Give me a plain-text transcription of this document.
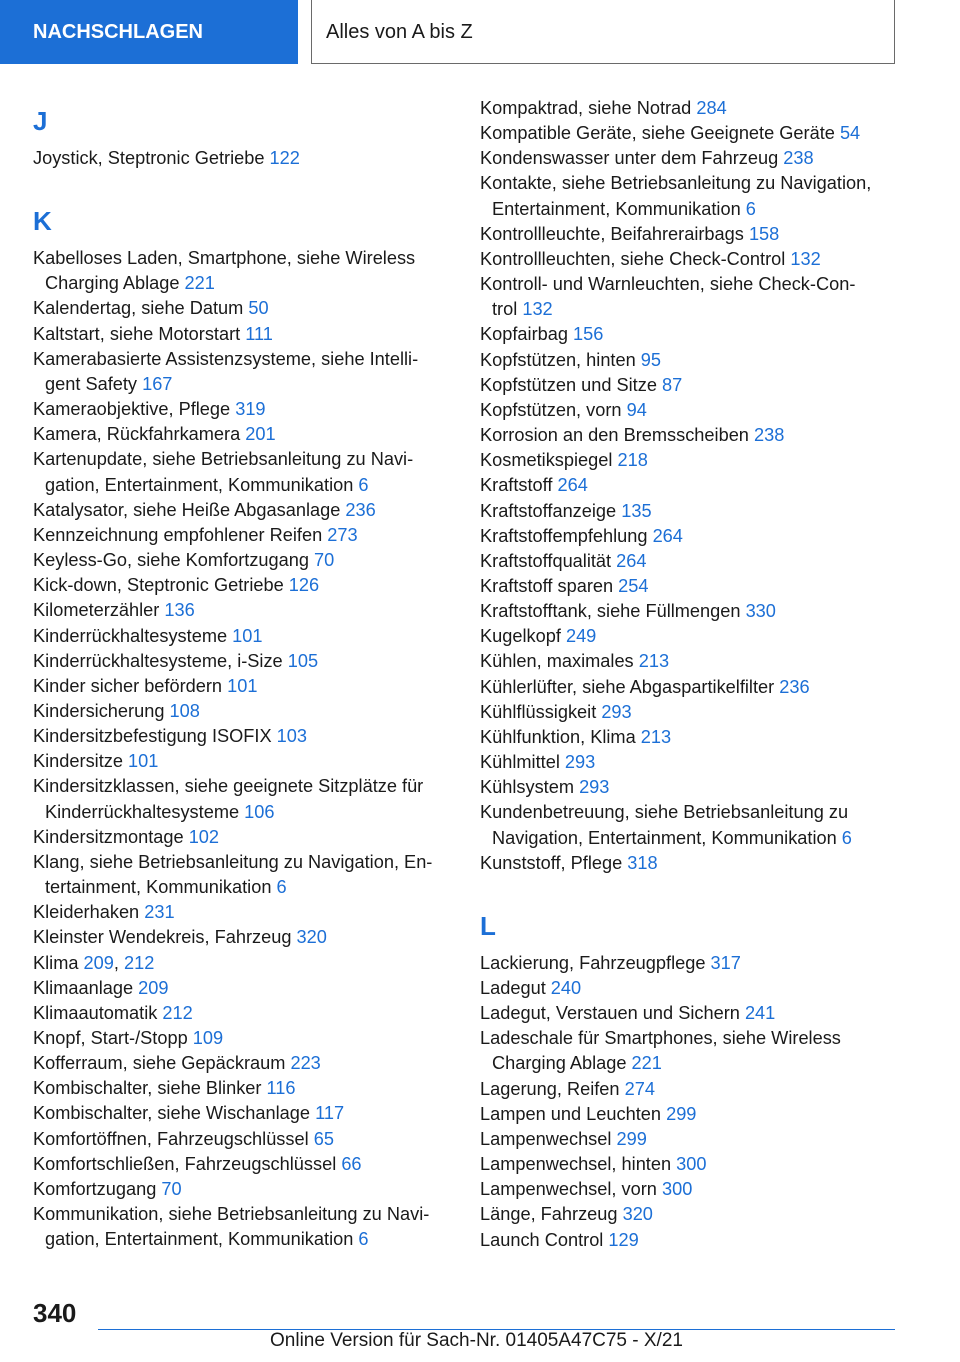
NACHSCHLAGEN	Alles von A bis Z
J
Joystick, Steptronic Getriebe 122
K
Kabelloses Laden, Smartphone, siehe Wireless
Charging Ablage 221
Kalendertag, siehe Datum 50
Kaltstart, siehe Motorstart 111
Kamerabasierte Assistenzsysteme, siehe Intelli-
gent Safety 167
Kameraobjektive, Pflege 319
Kamera, Rückfahrkamera 201
Kartenupdate, siehe Betriebsanleitung zu Navi-
gation, Entertainment, Kommunikation 6
Katalysator, siehe Heiße Abgasanlage 236
Kennzeichnung empfohlener Reifen 273
Keyless-Go, siehe Komfortzugang 70
Kick-down, Steptronic Getriebe 126
Kilometerzähler 136
Kinderrückhaltesysteme 101
Kinderrückhaltesysteme, i-Size 105
Kinder sicher befördern 101
Kindersicherung 108
Kindersitzbefestigung ISOFIX 103
Kindersitze 101
Kindersitzklassen, siehe geeignete Sitzplätze für
Kinderrückhaltesysteme 106
Kindersitzmontage 102
Klang, siehe Betriebsanleitung zu Navigation, En-
tertainment, Kommunikation 6
Kleiderhaken 231
Kleinster Wendekreis, Fahrzeug 320
Klima 209, 212
Klimaanlage 209
Klimaautomatik 212
Knopf, Start-/Stopp 109
Kofferraum, siehe Gepäckraum 223
Kombischalter, siehe Blinker 116
Kombischalter, siehe Wischanlage 117
Komfortöffnen, Fahrzeugschlüssel 65
Komfortschließen, Fahrzeugschlüssel 66
Komfortzugang 70
Kommunikation, siehe Betriebsanleitung zu Navi-
gation, Entertainment, Kommunikation 6
Kompaktrad, siehe Notrad 284
Kompatible Geräte, siehe Geeignete Geräte 54
Kondenswasser unter dem Fahrzeug 238
Kontakte, siehe Betriebsanleitung zu Navigation,
Entertainment, Kommunikation 6
Kontrollleuchte, Beifahrerairbags 158
Kontrollleuchten, siehe Check-Control 132
Kontroll- und Warnleuchten, siehe Check-Con-
trol 132
Kopfairbag 156
Kopfstützen, hinten 95
Kopfstützen und Sitze 87
Kopfstützen, vorn 94
Korrosion an den Bremsscheiben 238
Kosmetikspiegel 218
Kraftstoff 264
Kraftstoffanzeige 135
Kraftstoffempfehlung 264
Kraftstoffqualität 264
Kraftstoff sparen 254
Kraftstofftank, siehe Füllmengen 330
Kugelkopf 249
Kühlen, maximales 213
Kühlerlüfter, siehe Abgaspartikelfilter 236
Kühlflüssigkeit 293
Kühlfunktion, Klima 213
Kühlmittel 293
Kühlsystem 293
Kundenbetreuung, siehe Betriebsanleitung zu
Navigation, Entertainment, Kommunikation 6
Kunststoff, Pflege 318
L
Lackierung, Fahrzeugpflege 317
Ladegut 240
Ladegut, Verstauen und Sichern 241
Ladeschale für Smartphones, siehe Wireless
Charging Ablage 221
Lagerung, Reifen 274
Lampen und Leuchten 299
Lampenwechsel 299
Lampenwechsel, hinten 300
Lampenwechsel, vorn 300
Länge, Fahrzeug 320
Launch Control 129
340
Online Version für Sach-Nr. 01405A47C75 - X/21
